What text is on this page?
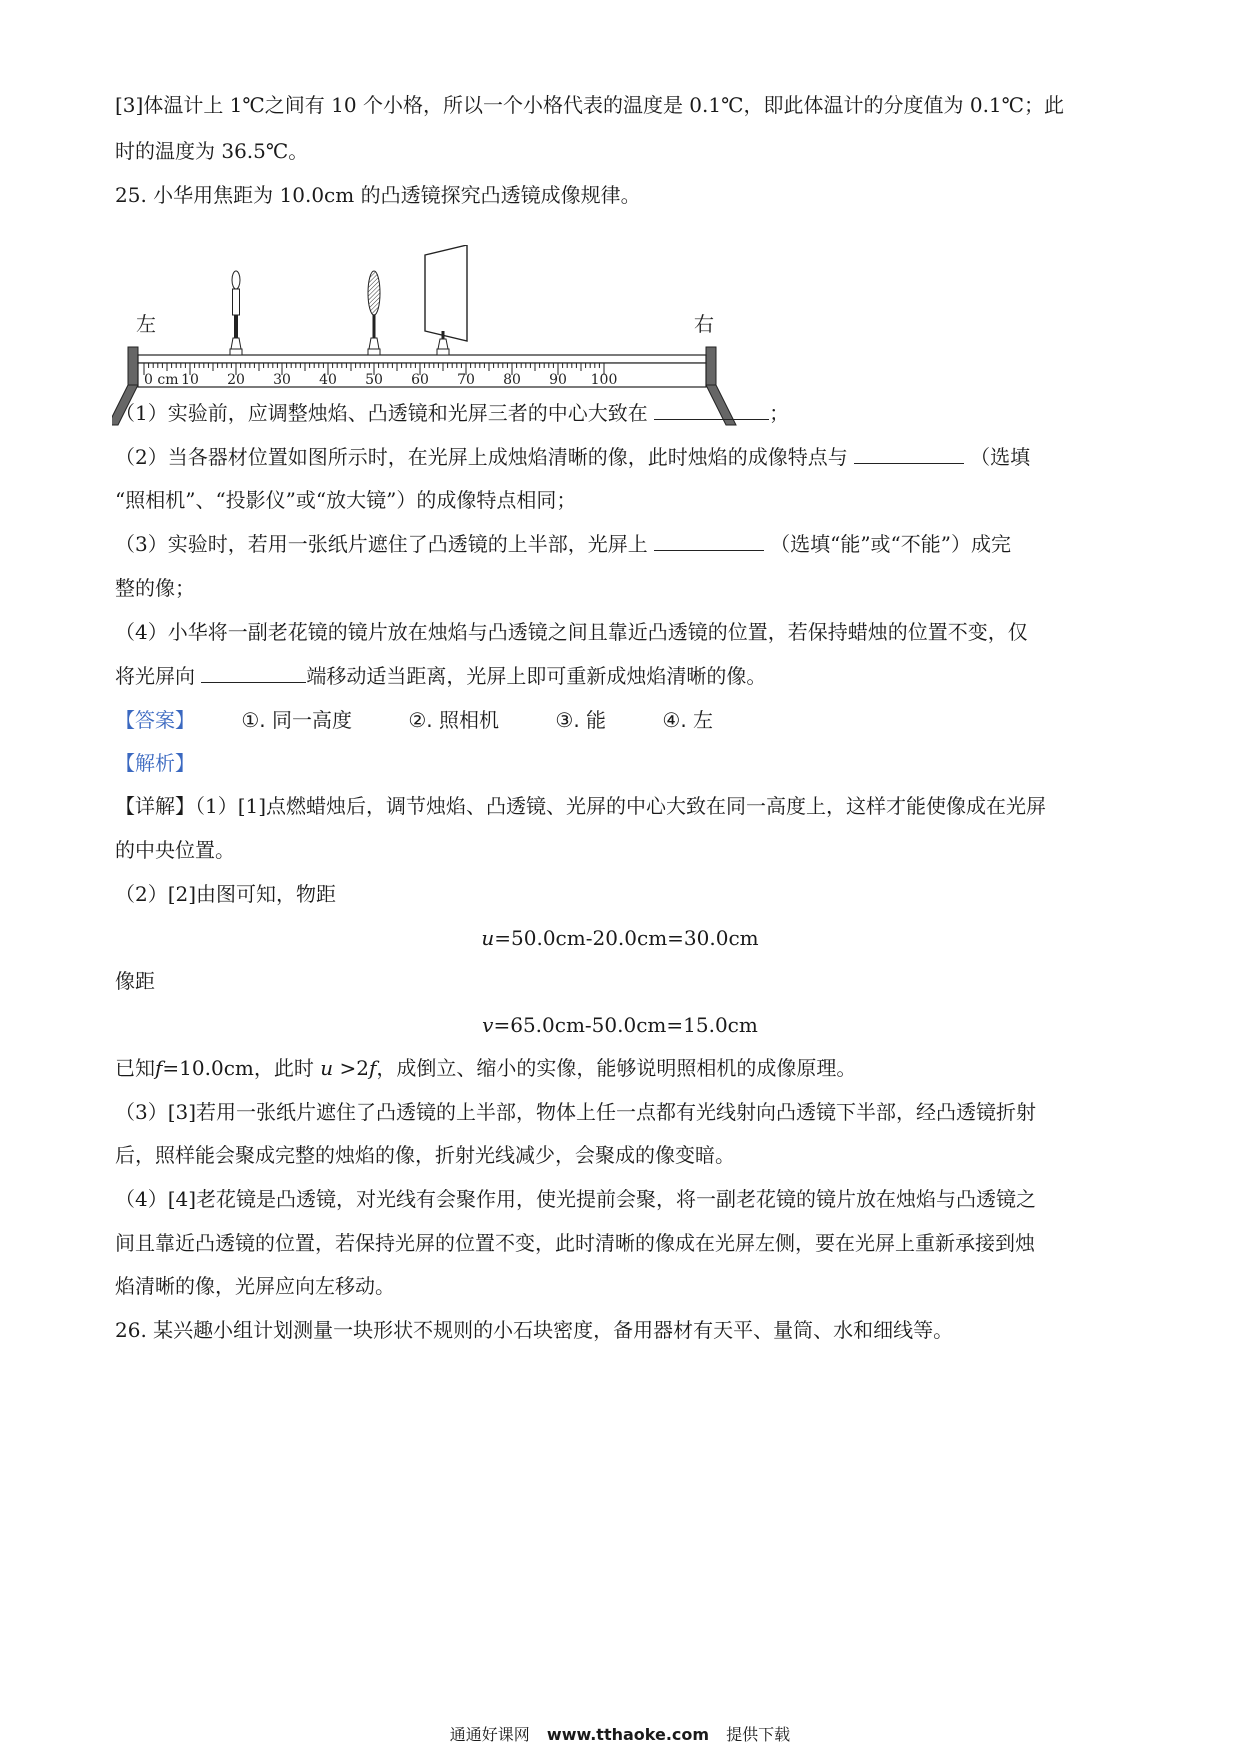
[3]体温计上 1℃之间有 10 个小格，所以一个小格代表的温度是 0.1℃，即此体温计的分度值为 0.1℃；此
时的温度为 36.5℃。
25. 小华用焦距为 10.0cm 的凸透镜探究凸透镜成像规律。
左	右
0 cm 10 20 30 40 50 60 70 80 90 100
（1）实验前，应调整烛焰、凸透镜和光屏三者的中心大致在	；
（2）当各器材位置如图所示时，在光屏上成烛焰清晰的像，此时烛焰的成像特点与	（选填
“照相机”、“投影仪”或“放大镜”）的成像特点相同；
（3）实验时，若用一张纸片遮住了凸透镜的上半部，光屏上	（选填“能”或“不能”）成完
整的像；
（4）小华将一副老花镜的镜片放在烛焰与凸透镜之间且靠近凸透镜的位置，若保持蜡烛的位置不变，仅
将光屏向	端移动适当距离，光屏上即可重新成烛焰清晰的像。
【答案】 ①. 同一高度	②. 照相机	③. 能	④. 左
【解析】
【详解】（1）[1]点燃蜡烛后，调节烛焰、凸透镜、光屏的中心大致在同一高度上，这样才能使像成在光屏
的中央位置。
（2）[2]由图可知，物距
u=50.0cm-20.0cm=30.0cm
像距
v=65.0cm-50.0cm=15.0cm
已知f=10.0cm，此时 u >2f，成倒立、缩小的实像，能够说明照相机的成像原理。
（3）[3]若用一张纸片遮住了凸透镜的上半部，物体上任一点都有光线射向凸透镜下半部，经凸透镜折射
后，照样能会聚成完整的烛焰的像，折射光线减少，会聚成的像变暗。
（4）[4]老花镜是凸透镜，对光线有会聚作用，使光提前会聚，将一副老花镜的镜片放在烛焰与凸透镜之
间且靠近凸透镜的位置，若保持光屏的位置不变，此时清晰的像成在光屏左侧，要在光屏上重新承接到烛
焰清晰的像，光屏应向左移动。
26. 某兴趣小组计划测量一块形状不规则的小石块密度，备用器材有天平、量筒、水和细线等。
通通好课网 www.tthaoke.com 提供下载
